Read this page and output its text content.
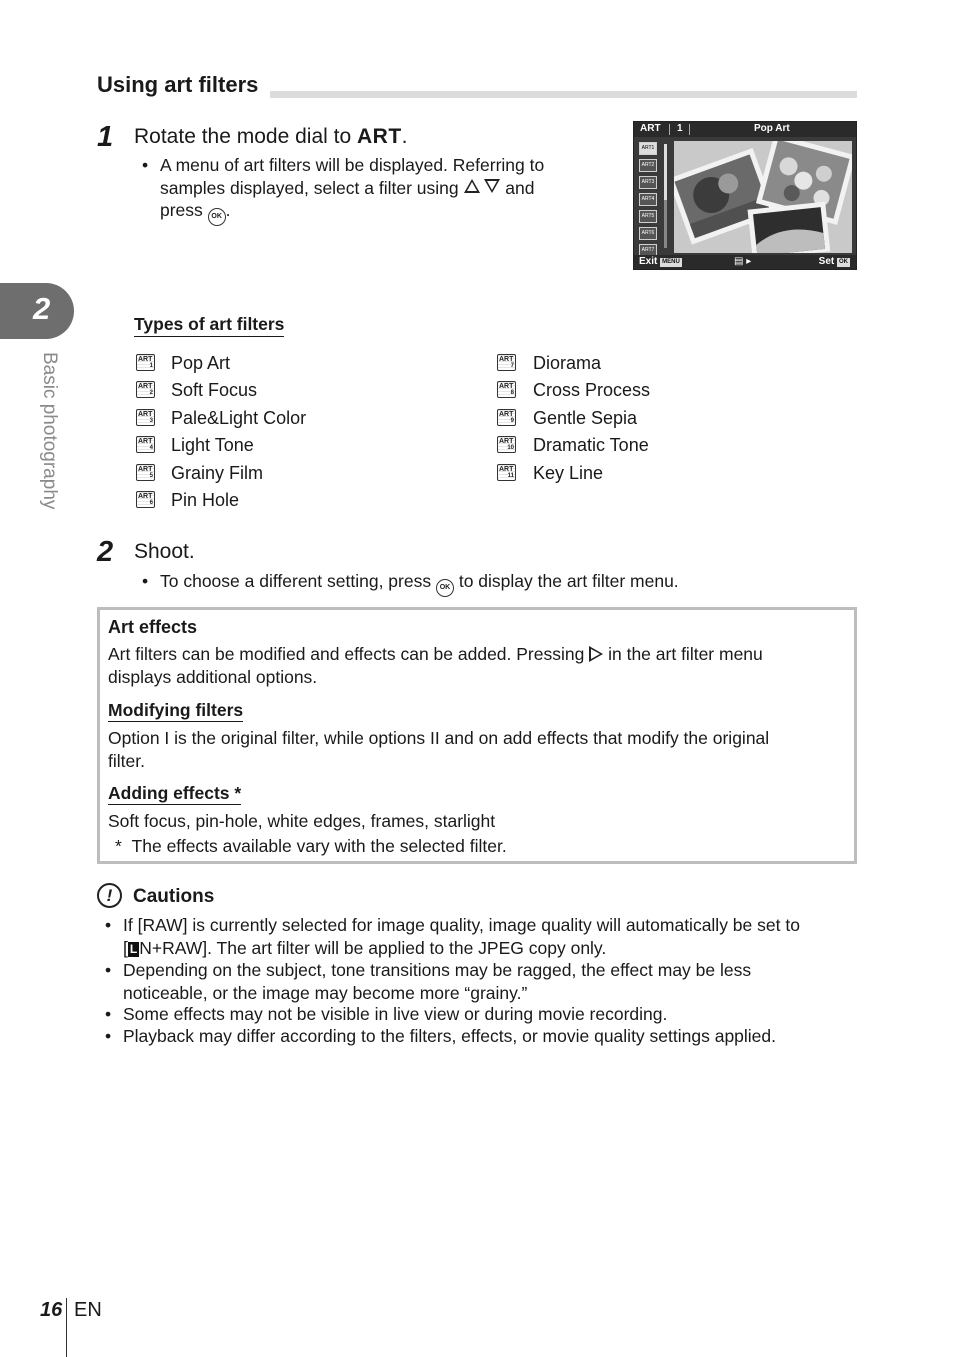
Using art filters
2
Basic photography
1 Rotate the mode dial to ART.
• A menu of art filters will be displayed. Referring to
samples displayed, select a filter using	and
press OK .
ART 1	Pop Art
ART1
ART2
ART3
ART4
ART5
ART6
ART7
Exit MENU	▤ ▸	Set OK
Types of art filters
ART
1 Pop Art
ART
2 Soft Focus
ART
3 Pale&Light Color
ART
4 Light Tone
ART
5 Grainy Film
ART
6 Pin Hole
ART
7 Diorama
ART
8 Cross Process
ART
9 Gentle Sepia
ART
10 Dramatic Tone
ART
11 Key Line
2 Shoot.
• To choose a different setting, press OK to display the art filter menu.
Art effects
Art filters can be modified and effects can be added. Pressing in the art filter menu
displays additional options.
Modifying filters
Option I is the original filter, while options II and on add effects that modify the original
filter.
Adding effects *
Soft focus, pin-hole, white edges, frames, starlight
* The effects available vary with the selected filter.
!	Cautions
• If [RAW] is currently selected for image quality, image quality will automatically be set to
[ L N+RAW]. The art filter will be applied to the JPEG copy only.
• Depending on the subject, tone transitions may be ragged, the effect may be less
noticeable, or the image may become more “grainy.”
• Some effects may not be visible in live view or during movie recording.
• Playback may differ according to the filters, effects, or movie quality settings applied.
16 EN
